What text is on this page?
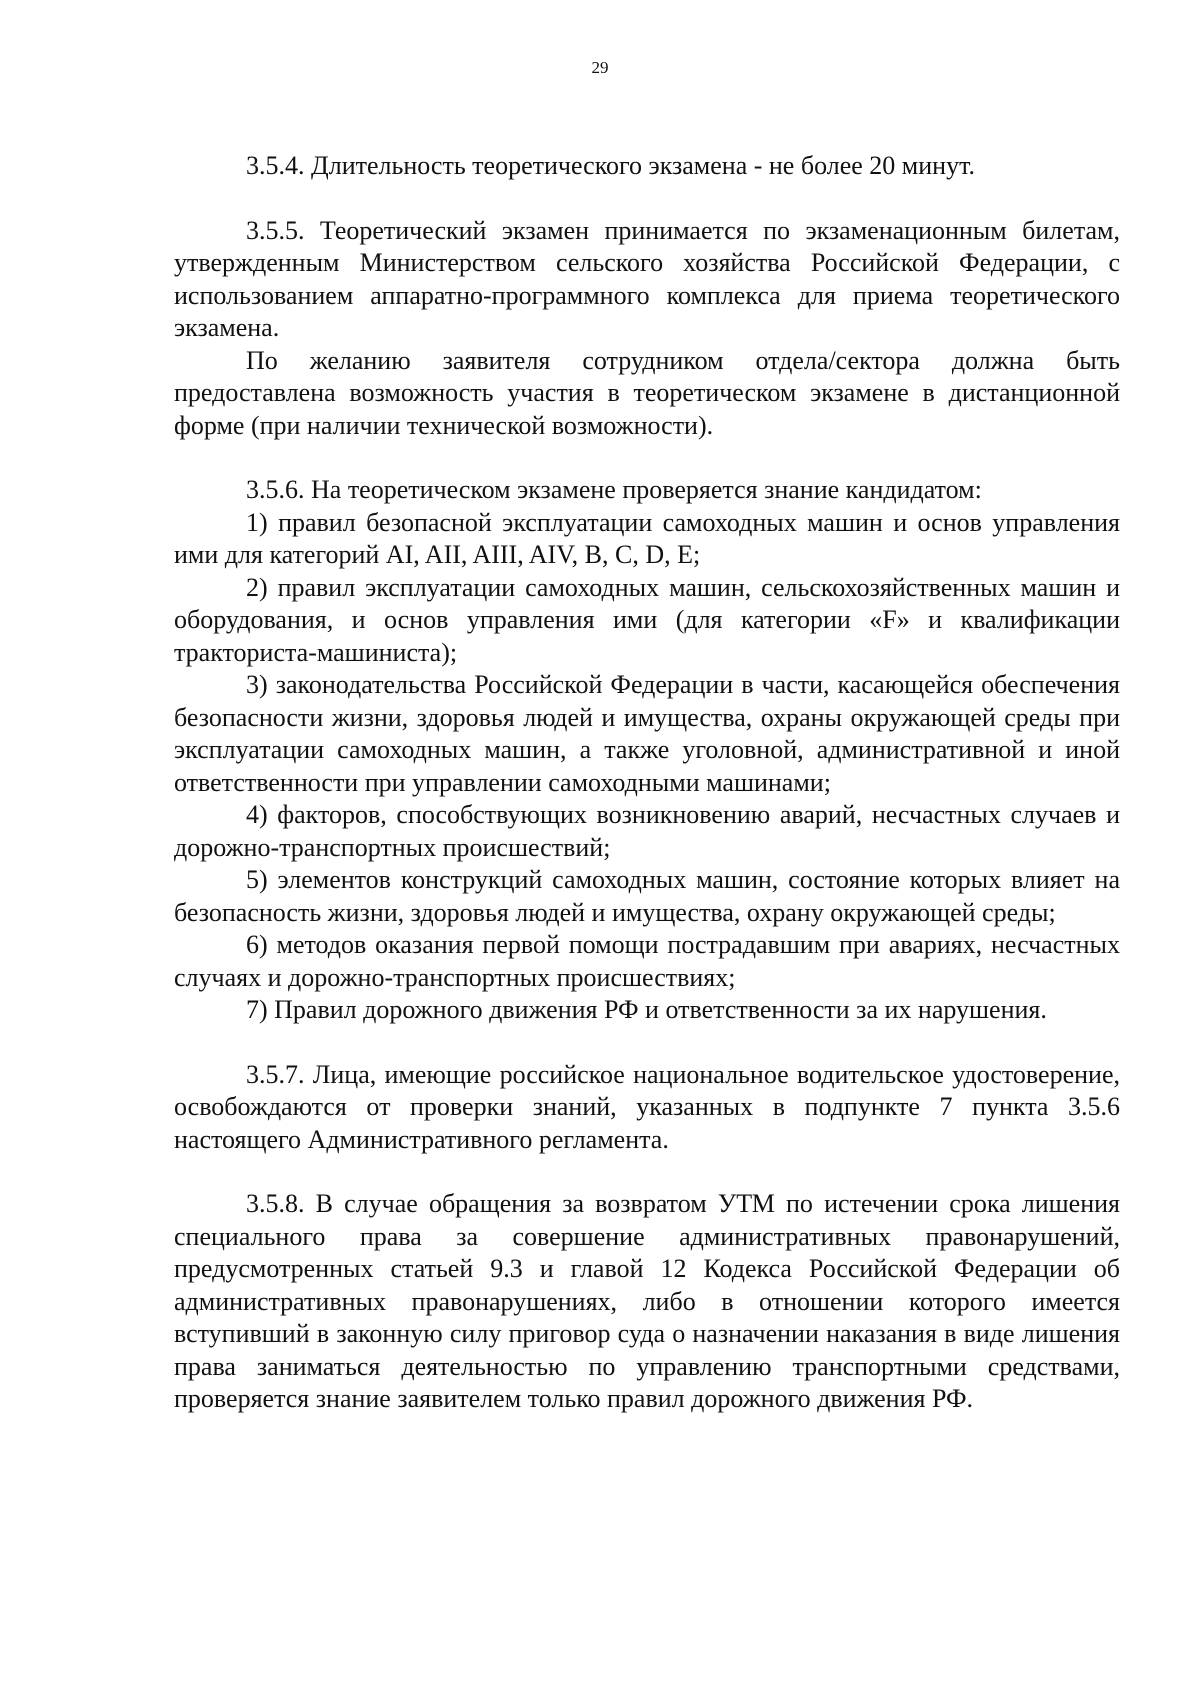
29

3.5.4. Длительность теоретического экзамена - не более 20 минут.

3.5.5. Теоретический экзамен принимается по экзаменационным билетам, утвержденным Министерством сельского хозяйства Российской Федерации, с использованием аппаратно-программного комплекса для приема теоретического экзамена.

По желанию заявителя сотрудником отдела/сектора должна быть предоставлена возможность участия в теоретическом экзамене в дистанционной форме (при наличии технической возможности).

3.5.6. На теоретическом экзамене проверяется знание кандидатом:

1) правил безопасной эксплуатации самоходных машин и основ управления ими для категорий AI, AII, AIII, AIV, B, C, D, E;

2) правил эксплуатации самоходных машин, сельскохозяйственных машин и оборудования, и основ управления ими (для категории «F» и квалификации тракториста-машиниста);

3) законодательства Российской Федерации в части, касающейся обеспечения безопасности жизни, здоровья людей и имущества, охраны окружающей среды при эксплуатации самоходных машин, а также уголовной, административной и иной ответственности при управлении самоходными машинами;

4) факторов, способствующих возникновению аварий, несчастных случаев и дорожно-транспортных происшествий;

5) элементов конструкций самоходных машин, состояние которых влияет на безопасность жизни, здоровья людей и имущества, охрану окружающей среды;

6) методов оказания первой помощи пострадавшим при авариях, несчастных случаях и дорожно-транспортных происшествиях;

7) Правил дорожного движения РФ и ответственности за их нарушения.

3.5.7. Лица, имеющие российское национальное водительское удостоверение, освобождаются от проверки знаний, указанных в подпункте 7 пункта 3.5.6 настоящего Административного регламента.

3.5.8. В случае обращения за возвратом УТМ по истечении срока лишения специального права за совершение административных правонарушений, предусмотренных статьей 9.3 и главой 12 Кодекса Российской Федерации об административных правонарушениях, либо в отношении которого имеется вступивший в законную силу приговор суда о назначении наказания в виде лишения права заниматься деятельностью по управлению транспортными средствами, проверяется знание заявителем только правил дорожного движения РФ.
